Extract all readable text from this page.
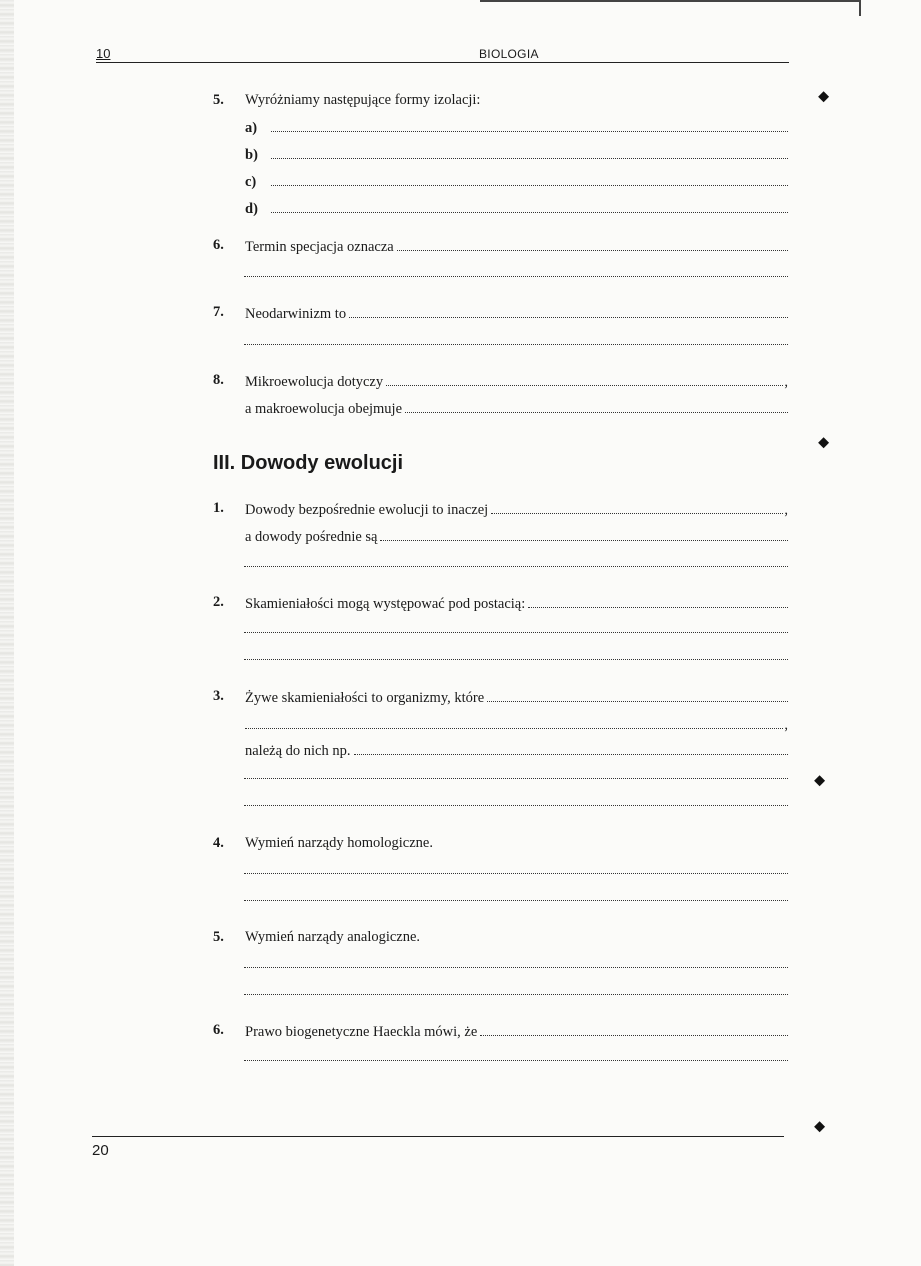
10	BIOLOGIA
5. Wyróżniamy następujące formy izolacji:
a)
b)
c)
d)
6. Termin specjacja oznacza
7. Neodarwinizm to
8. Mikroewolucja dotyczy	,
a makroewolucja obejmuje
III. Dowody ewolucji
1. Dowody bezpośrednie ewolucji to inaczej	,
a dowody pośrednie są
2. Skamieniałości mogą występować pod postacią:
3. Żywe skamieniałości to organizmy, które
,
należą do nich np.
4. Wymień narządy homologiczne.
5. Wymień narządy analogiczne.
6. Prawo biogenetyczne Haeckla mówi, że
20
⬥
⬥
⬥
⬥
